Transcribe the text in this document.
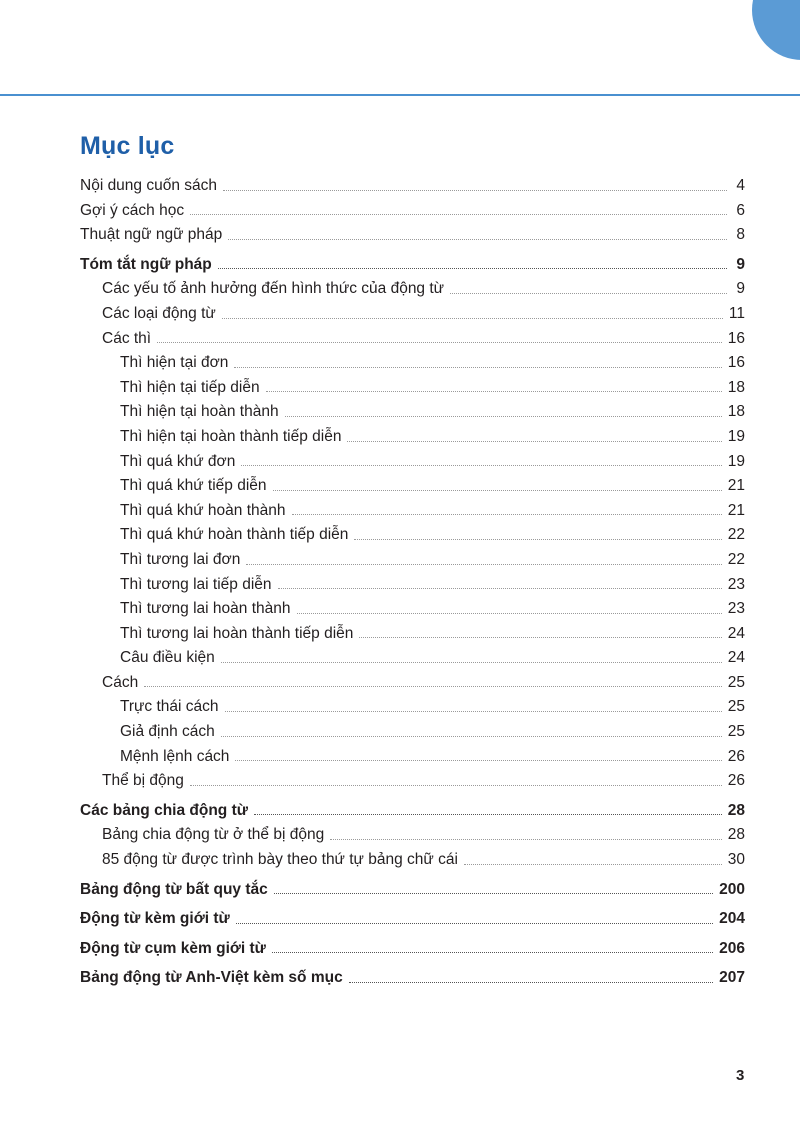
Mục lục
Nội dung cuốn sách	4
Gợi ý cách học	6
Thuật ngữ ngữ pháp	8
Tóm tắt ngữ pháp	9
Các yếu tố ảnh hưởng đến hình thức của động từ	9
Các loại động từ	11
Các thì	16
Thì hiện tại đơn	16
Thì hiện tại tiếp diễn	18
Thì hiện tại hoàn thành	18
Thì hiện tại hoàn thành tiếp diễn	19
Thì quá khứ đơn	19
Thì quá khứ tiếp diễn	21
Thì quá khứ hoàn thành	21
Thì quá khứ hoàn thành tiếp diễn	22
Thì tương lai đơn	22
Thì tương lai tiếp diễn	23
Thì tương lai hoàn thành	23
Thì tương lai hoàn thành tiếp diễn	24
Câu điều kiện	24
Cách	25
Trực thái cách	25
Giả định cách	25
Mệnh lệnh cách	26
Thể bị động	26
Các bảng chia động từ	28
Bảng chia động từ ở thể bị động	28
85 động từ được trình bày theo thứ tự bảng chữ cái	30
Bảng động từ bất quy tắc	200
Động từ kèm giới từ	204
Động từ cụm kèm giới từ	206
Bảng động từ Anh-Việt kèm số mục	207
3
